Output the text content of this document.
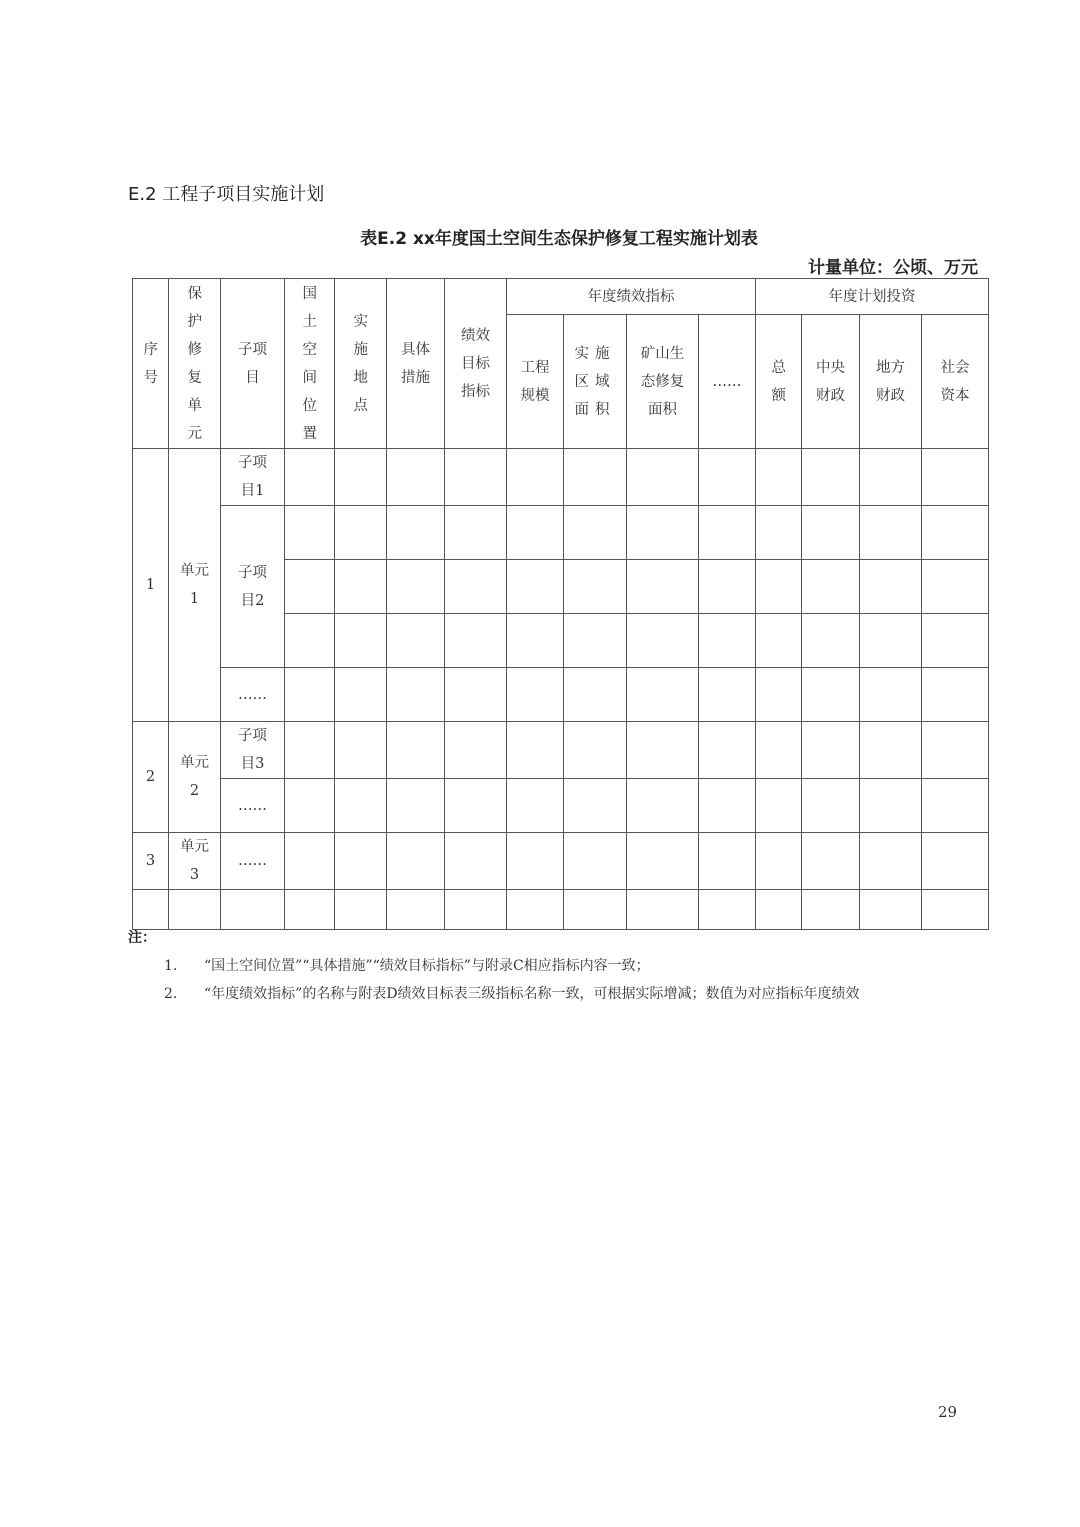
E.2 工程子项目实施计划
表E.2 xx年度国土空间生态保护修复工程实施计划表
计量单位：公顷、万元
序号	保护修复单元	子项目	国土空间位置	实施地点	具体措施	绩效目标指标	年度绩效指标				年度计划投资				

							工程规模	实施区域面积	矿山生态修复面积	……	总额	中央财政	地方财政	社会资本	

1	单元1	子项目1													

		子项目2													

		……													
2	单元2	子项目3													

		……													
3	单元3	……													

注：
1. “国土空间位置”“具体措施”“绩效目标指标”与附录C相应指标内容一致；
2. “年度绩效指标”的名称与附表D绩效目标表三级指标名称一致，可根据实际增减；数值为对应指标年度绩效
29
